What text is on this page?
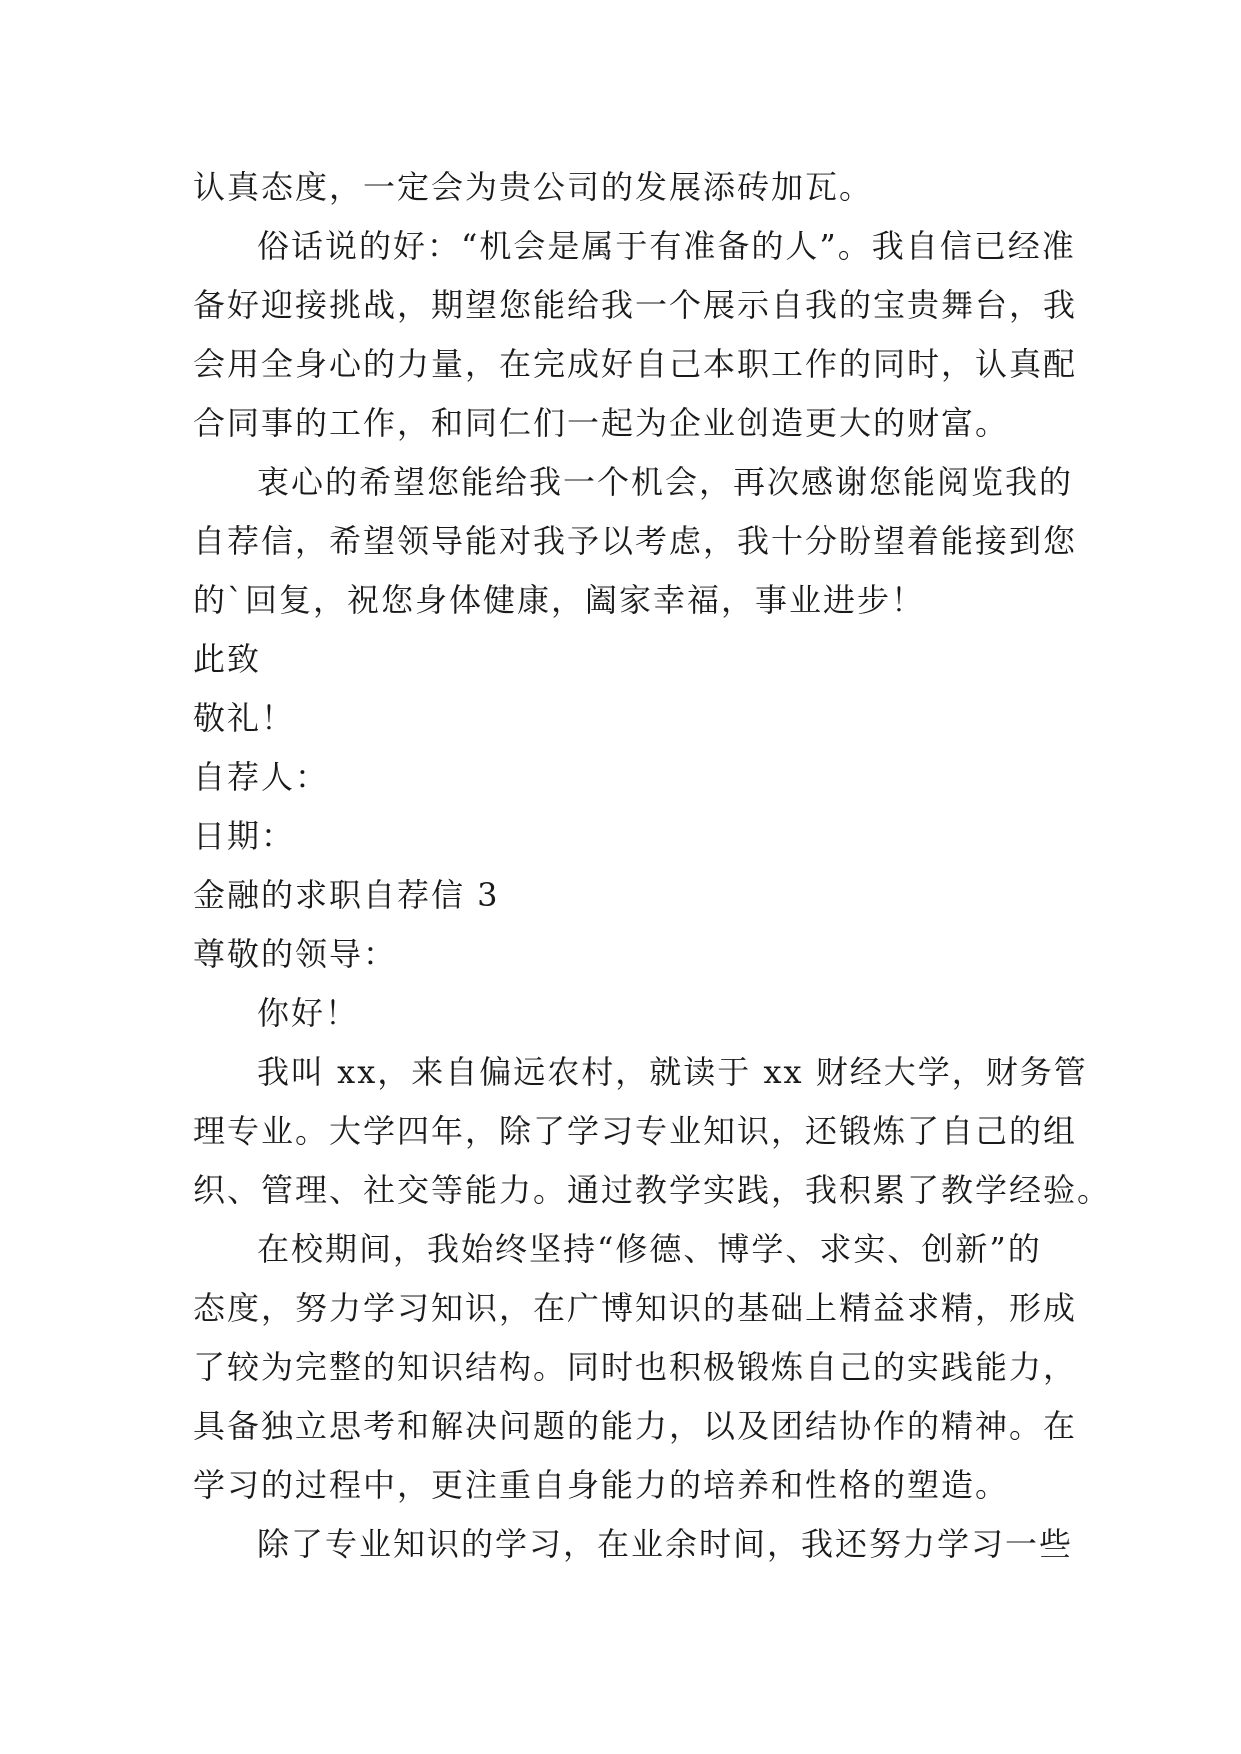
认真态度，一定会为贵公司的发展添砖加瓦。
俗话说的好：“机会是属于有准备的人”。我自信已经准
备好迎接挑战，期望您能给我一个展示自我的宝贵舞台，我
会用全身心的力量，在完成好自己本职工作的同时，认真配
合同事的工作，和同仁们一起为企业创造更大的财富。
衷心的希望您能给我一个机会，再次感谢您能阅览我的
自荐信，希望领导能对我予以考虑，我十分盼望着能接到您
的`回复，祝您身体健康，阖家幸福，事业进步！
此致
敬礼！
自荐人：
日期：
金融的求职自荐信 3
尊敬的领导：
你好！
我叫 xx，来自偏远农村，就读于 xx 财经大学，财务管
理专业。大学四年，除了学习专业知识，还锻炼了自己的组
织、管理、社交等能力。通过教学实践，我积累了教学经验。
在校期间，我始终坚持“修德、博学、求实、创新”的
态度，努力学习知识，在广博知识的基础上精益求精，形成
了较为完整的知识结构。同时也积极锻炼自己的实践能力，
具备独立思考和解决问题的能力，以及团结协作的精神。在
学习的过程中，更注重自身能力的培养和性格的塑造。
除了专业知识的学习，在业余时间，我还努力学习一些
